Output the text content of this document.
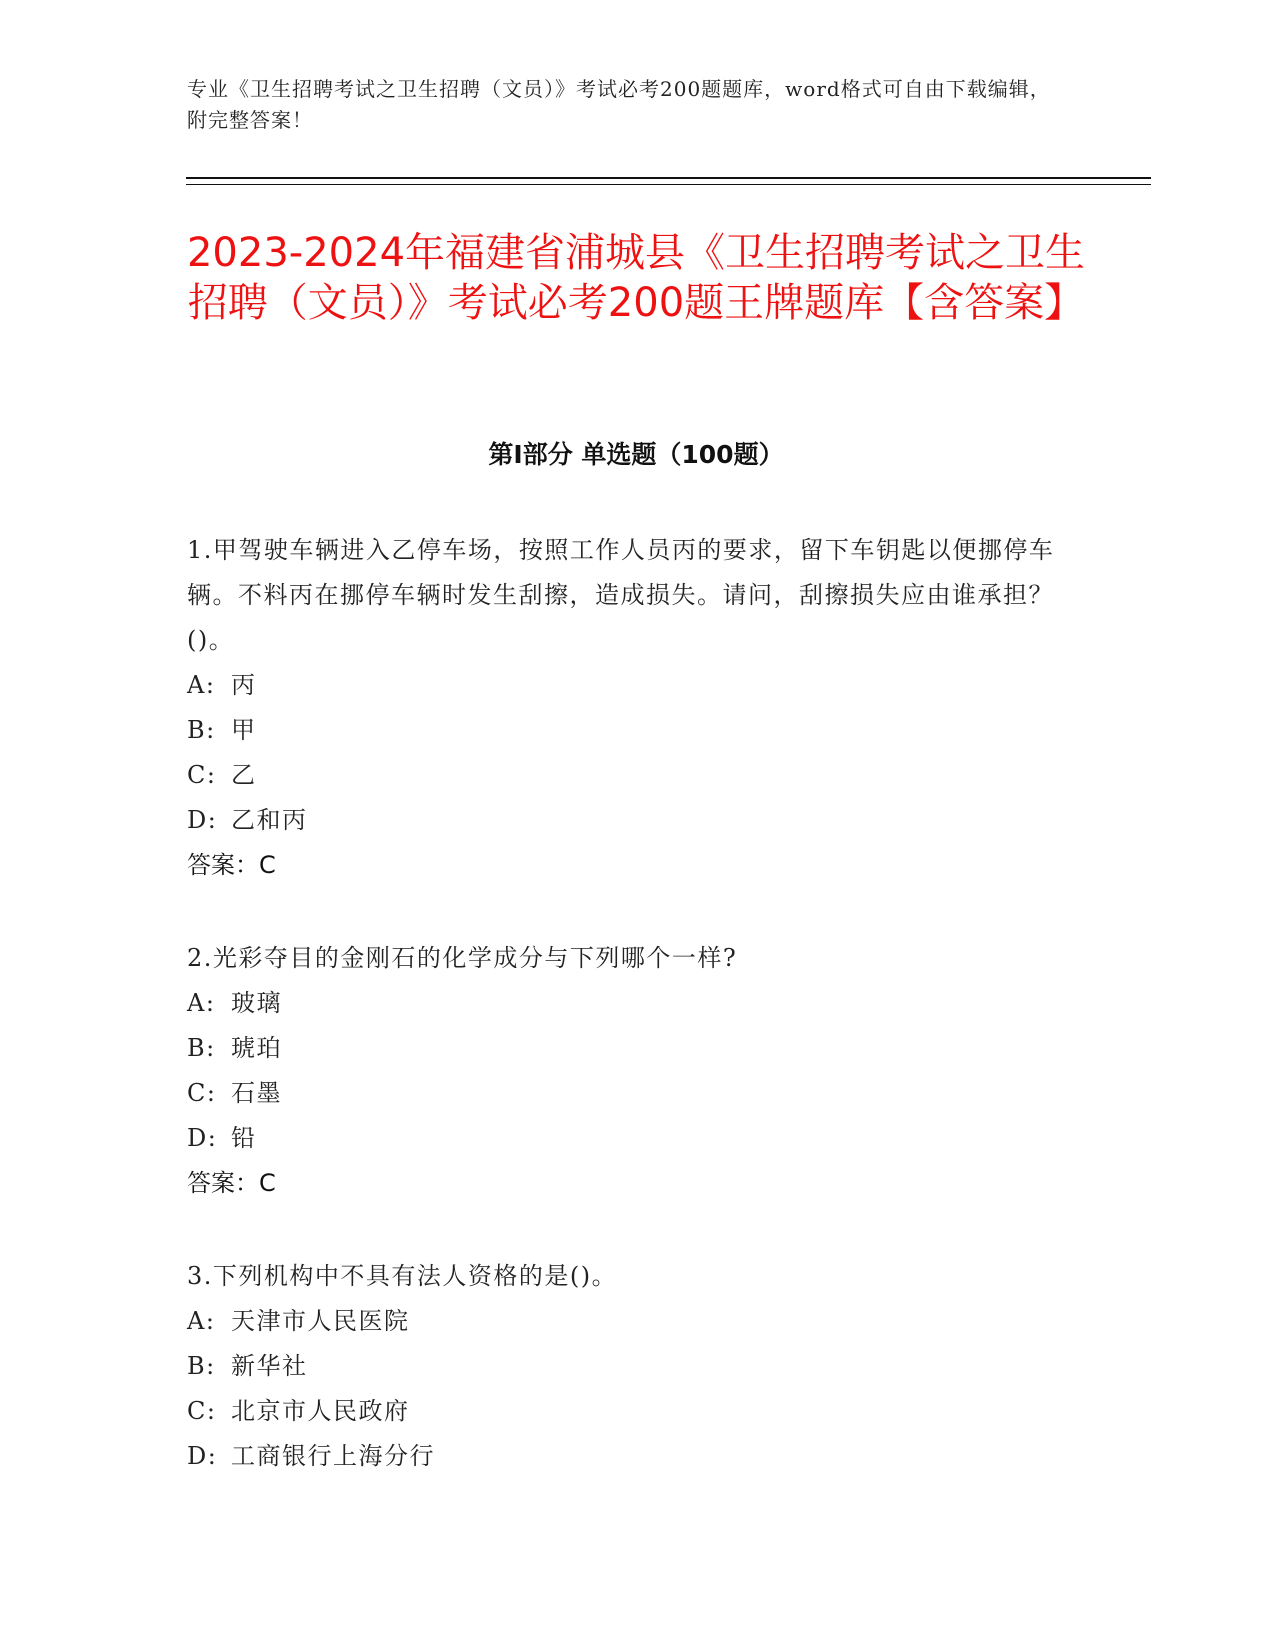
专业《卫生招聘考试之卫生招聘（文员）》考试必考200题题库，word格式可自由下载编辑，附完整答案！
2023-2024年福建省浦城县《卫生招聘考试之卫生招聘（文员）》考试必考200题王牌题库【含答案】
第Ⅰ部分 单选题（100题）

1.甲驾驶车辆进入乙停车场，按照工作人员丙的要求，留下车钥匙以便挪停车辆。不料丙在挪停车辆时发生刮擦，造成损失。请问，刮擦损失应由谁承担？()。

A: 丙

B: 甲

C: 乙

D: 乙和丙

答案：C

2.光彩夺目的金刚石的化学成分与下列哪个一样?

A: 玻璃

B: 琥珀

C: 石墨

D: 铅

答案：C

3.下列机构中不具有法人资格的是()。

A: 天津市人民医院

B: 新华社

C: 北京市人民政府

D: 工商银行上海分行
